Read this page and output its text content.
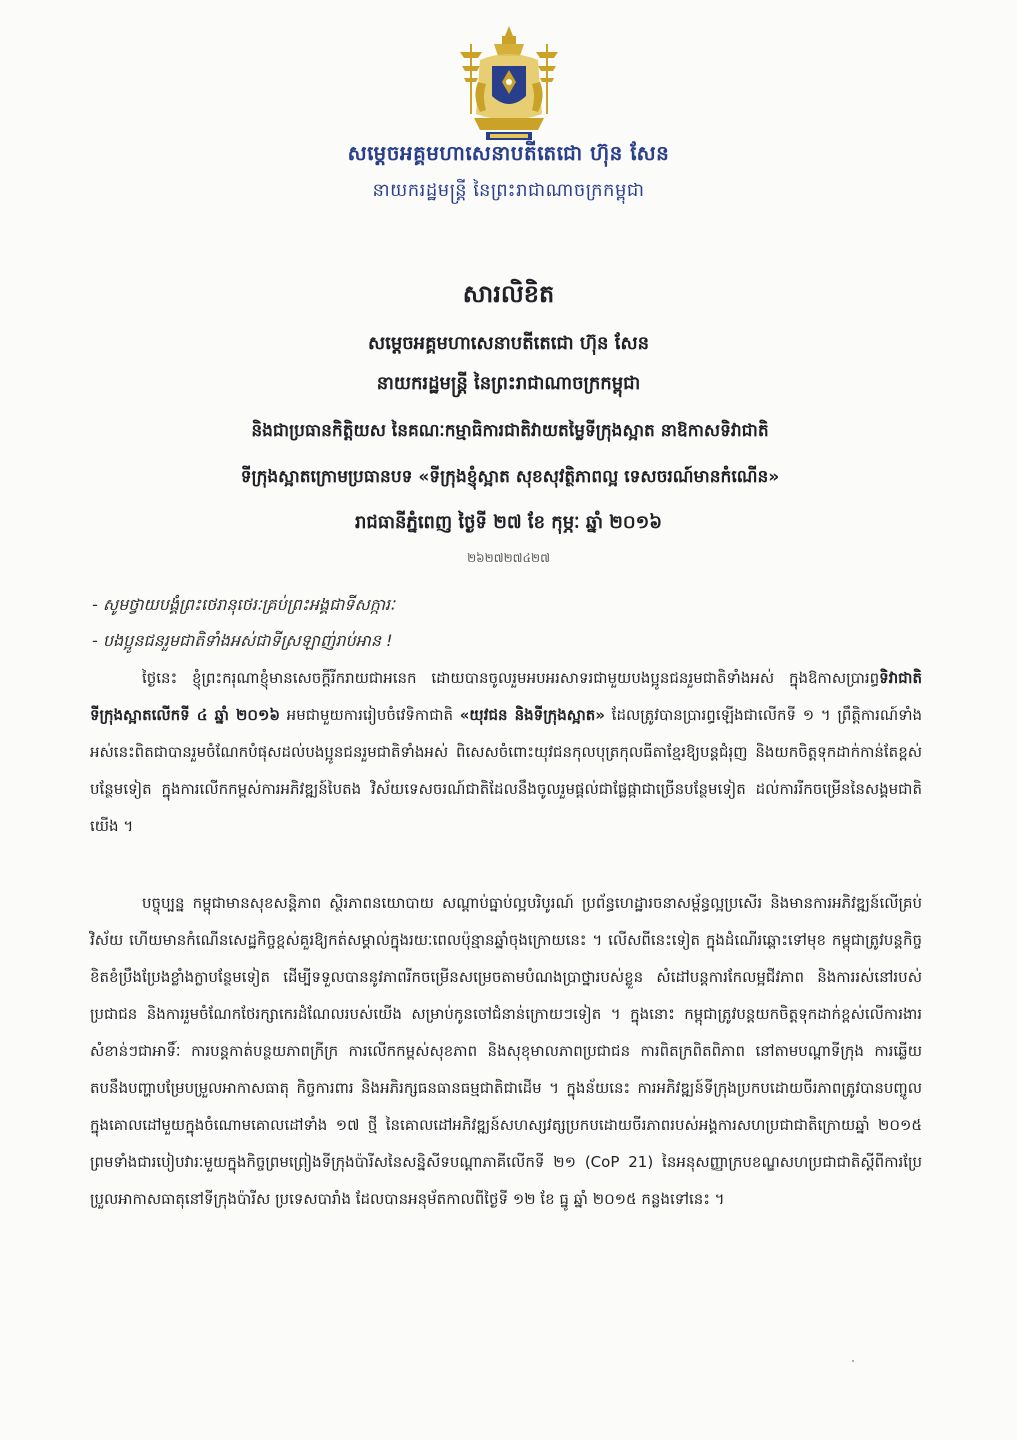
សម្ដេចអគ្គមហាសេនាបតីតេជោ ហ៊ុន សែន
នាយករដ្ឋមន្ត្រី នៃព្រះរាជាណាចក្រកម្ពុជា
សារលិខិត
សម្ដេចអគ្គមហាសេនាបតីតេជោ ហ៊ុន សែន
នាយករដ្ឋមន្ត្រី នៃព្រះរាជាណាចក្រកម្ពុជា
និងជាប្រធានកិត្តិយស នៃគណៈកម្មាធិការជាតិវាយតម្លៃទីក្រុងស្អាត នាឱកាសទិវាជាតិ
ទីក្រុងស្អាតក្រោមប្រធានបទ «ទីក្រុងខ្ញុំស្អាត សុខសុវត្ថិភាពល្អ ទេសចរណ៍មានកំណើន»
រាជធានីភ្នំពេញ ថ្ងៃទី ២៧ ខែ កុម្ភៈ ឆ្នាំ ២០១៦
២៦២៧២៧៤២៧
- សូមថ្វាយបង្គំព្រះថេរានុថេរៈគ្រប់ព្រះអង្គជាទីសក្ការៈ
- បងប្អូនជនរួមជាតិទាំងអស់ជាទីស្រឡាញ់រាប់អាន !
ថ្ងៃនេះ ខ្ញុំព្រះករុណាខ្ញុំមានសេចក្ដីរីករាយជាអនេក ដោយបានចូលរួមអបអរសាទរជាមួយបងប្អូនជនរួមជាតិទាំងអស់ ក្នុងឱកាសប្រារព្ធទិវាជាតិទីក្រុងស្អាតលើកទី ៤ ឆ្នាំ ២០១៦ អមជាមួយការរៀបចំវេទិកាជាតិ «យុវជន និងទីក្រុងស្អាត» ដែលត្រូវបានប្រារព្ធឡើងជាលើកទី ១ ។ ព្រឹត្តិការណ៍ទាំងអស់នេះពិតជាបានរួមចំណែកបំផុសដល់បងប្អូនជនរួមជាតិទាំងអស់ ពិសេសចំពោះយុវជនកុលបុត្រកុលធីតាខ្មែរឱ្យបន្តជំរុញ និងយកចិត្តទុកដាក់កាន់តែខ្ពស់បន្ថែមទៀត ក្នុងការលើកកម្ពស់ការអភិវឌ្ឍន៍បៃតង វិស័យទេសចរណ៍ជាតិដែលនឹងចូលរួមផ្ដល់ជាផ្លែផ្កាជាច្រើនបន្ថែមទៀត ដល់ការរីកចម្រើននៃសង្គមជាតិយើង ។
បច្ចុប្បន្ន កម្ពុជាមានសុខសន្តិភាព ស្ថិរភាពនយោបាយ សណ្ដាប់ធ្នាប់ល្អបរិបូរណ៍ ប្រព័ន្ធហេដ្ឋារចនាសម្ព័ន្ធល្អប្រសើរ និងមានការអភិវឌ្ឍន៍លើគ្រប់វិស័យ ហើយមានកំណើនសេដ្ឋកិច្ចខ្ពស់គួរឱ្យកត់សម្គាល់ក្នុងរយៈពេលប៉ុន្មានឆ្នាំចុងក្រោយនេះ ។ លើសពីនេះទៀត ក្នុងដំណើរឆ្ពោះទៅមុខ កម្ពុជាត្រូវបន្តកិច្ចខិតខំប្រឹងប្រែងខ្លាំងក្លាបន្ថែមទៀត ដើម្បីទទួលបាននូវភាពរីកចម្រើនសម្រេចតាមបំណងប្រាថ្នារបស់ខ្លួន សំដៅបន្តការកែលម្អជីវភាព និងការរស់នៅរបស់ប្រជាជន និងការរួមចំណែកថែរក្សាកេរដំណែលរបស់យើង សម្រាប់កូនចៅជំនាន់ក្រោយៗទៀត ។ ក្នុងនោះ កម្ពុជាត្រូវបន្តយកចិត្តទុកដាក់ខ្ពស់លើការងារសំខាន់ៗជាអាទិ៍ៈ ការបន្តកាត់បន្ថយភាពក្រីក្រ ការលើកកម្ពស់សុខភាព និងសុខុមាលភាពប្រជាជន ការពិតក្រពិតពិភាព នៅតាមបណ្ដាទីក្រុង ការឆ្លើយតបនឹងបញ្ហាបម្រែបម្រួលអាកាសធាតុ កិច្ចការពារ និងអភិរក្សធនធានធម្មជាតិជាដើម ។ ក្នុងន័យនេះ ការអភិវឌ្ឍន៍ទីក្រុងប្រកបដោយចីរភាពត្រូវបានបញ្ចូលក្នុងគោលដៅមួយក្នុងចំណោមគោលដៅទាំង ១៧ ថ្មី នៃគោលដៅអភិវឌ្ឍន៍សហស្សវត្សប្រកបដោយចីរភាពរបស់អង្គការសហប្រជាជាតិក្រោយឆ្នាំ ២០១៥ ព្រមទាំងជារបៀបវារៈមួយក្នុងកិច្ចព្រមព្រៀងទីក្រុងប៉ារីសនៃសន្និសីទបណ្ដាភាគីលើកទី ២១ (CoP 21) នៃអនុសញ្ញាក្របខណ្ឌសហប្រជាជាតិស្ដីពីការប្រែប្រួលអាកាសធាតុនៅទីក្រុងប៉ារីស ប្រទេសបារាំង ដែលបានអនុម័តកាលពីថ្ងៃទី ១២ ខែ ធ្នូ ឆ្នាំ ២០១៥ កន្លងទៅនេះ ។
